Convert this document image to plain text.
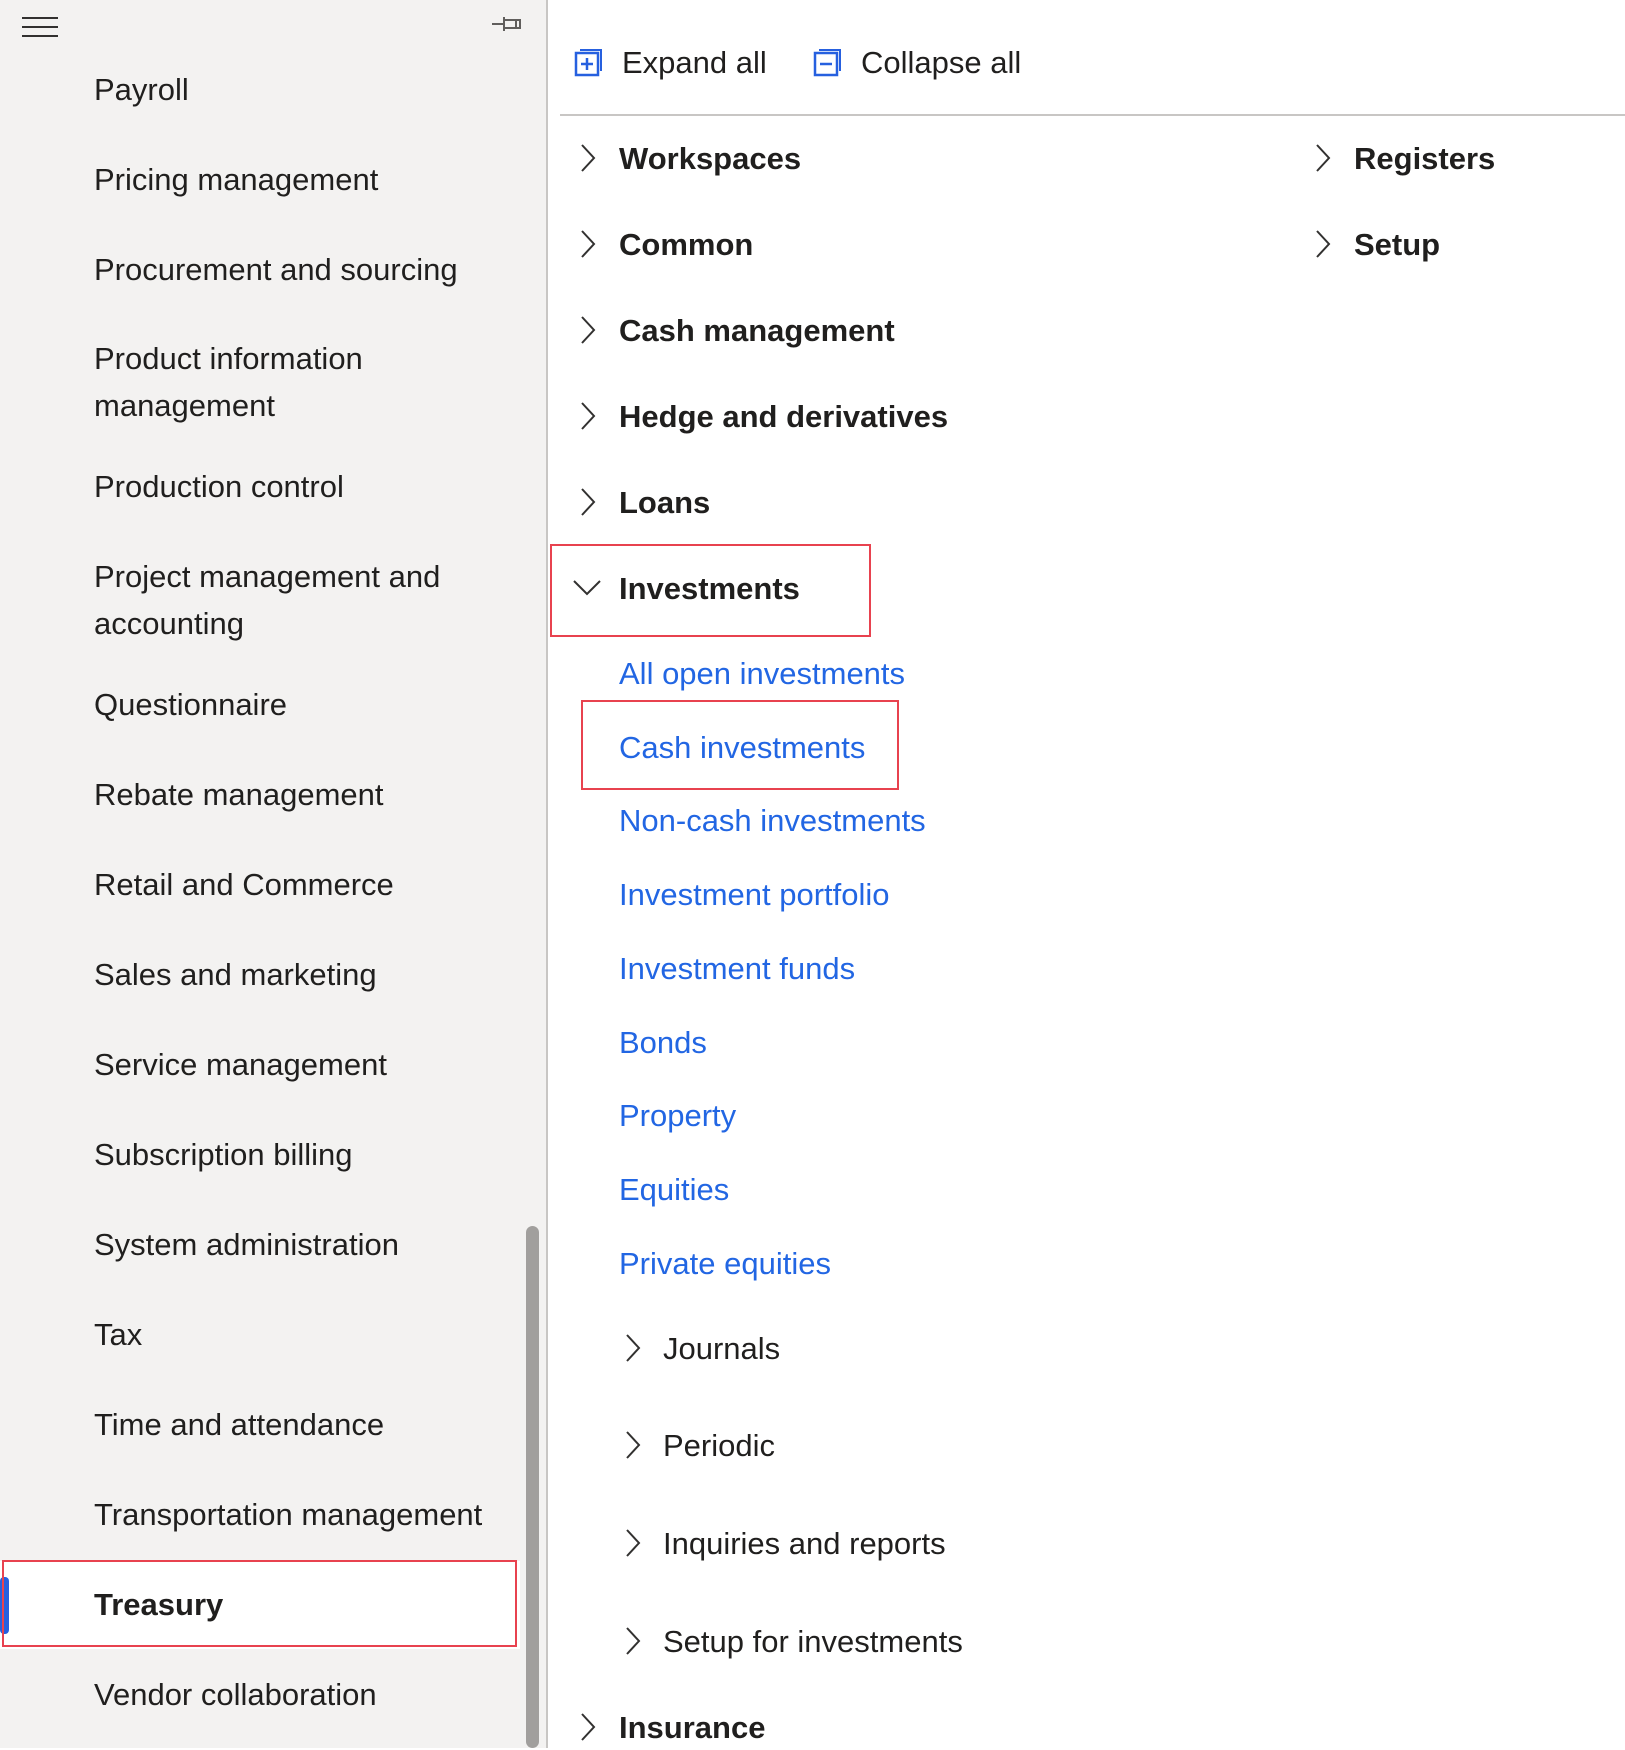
Payroll
Pricing management
Procurement and sourcing
Product information management
Production control
Project management and accounting
Questionnaire
Rebate management
Retail and Commerce
Sales and marketing
Service management
Subscription billing
System administration
Tax
Time and attendance
Transportation management
Treasury
Vendor collaboration
Expand all	Collapse all
Workspaces
Common
Cash management
Hedge and derivatives
Loans
Investments
All open investments
Cash investments
Non-cash investments
Investment portfolio
Investment funds
Bonds
Property
Equities
Private equities
Journals
Periodic
Inquiries and reports
Setup for investments
Insurance
Registers
Setup
